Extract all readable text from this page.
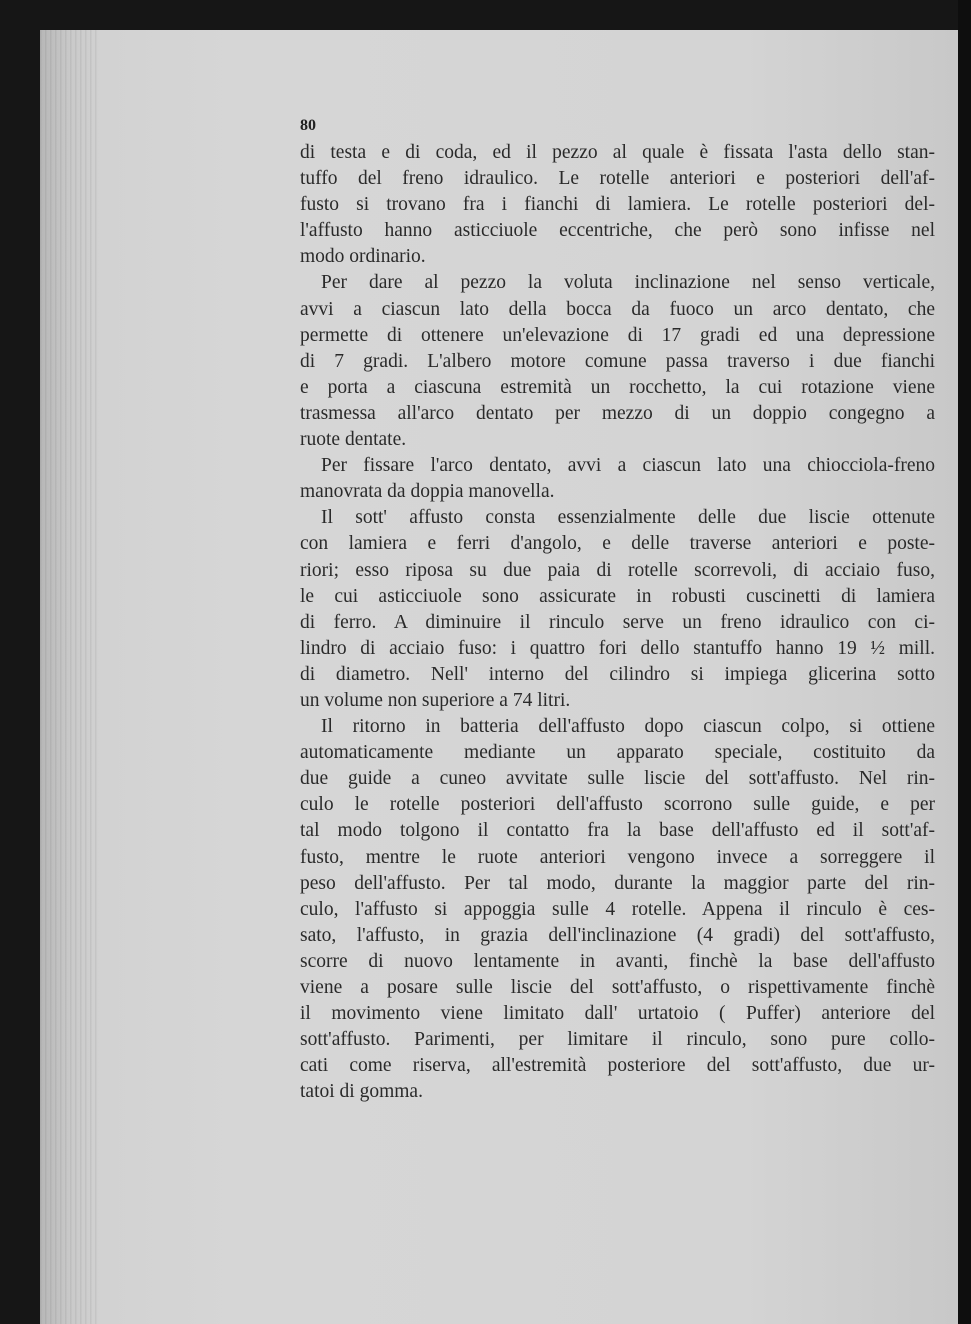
80
di testa e di coda, ed il pezzo al quale è fissata l'asta dello stan-
tuffo del freno idraulico. Le rotelle anteriori e posteriori dell'af-
fusto si trovano fra i fianchi di lamiera. Le rotelle posteriori del-
l'affusto hanno asticciuole eccentriche, che però sono infisse nel
modo ordinario.
Per dare al pezzo la voluta inclinazione nel senso verticale,
avvi a ciascun lato della bocca da fuoco un arco dentato, che
permette di ottenere un'elevazione di 17 gradi ed una depressione
di 7 gradi. L'albero motore comune passa traverso i due fianchi
e porta a ciascuna estremità un rocchetto, la cui rotazione viene
trasmessa all'arco dentato per mezzo di un doppio congegno a
ruote dentate.
Per fissare l'arco dentato, avvi a ciascun lato una chiocciola-freno
manovrata da doppia manovella.
Il sott' affusto consta essenzialmente delle due liscie ottenute
con lamiera e ferri d'angolo, e delle traverse anteriori e poste-
riori; esso riposa su due paia di rotelle scorrevoli, di acciaio fuso,
le cui asticciuole sono assicurate in robusti cuscinetti di lamiera
di ferro. A diminuire il rinculo serve un freno idraulico con ci-
lindro di acciaio fuso: i quattro fori dello stantuffo hanno 19 ½ mill.
di diametro. Nell' interno del cilindro si impiega glicerina sotto
un volume non superiore a 74 litri.
Il ritorno in batteria dell'affusto dopo ciascun colpo, si ottiene
automaticamente mediante un apparato speciale, costituito da
due guide a cuneo avvitate sulle liscie del sott'affusto. Nel rin-
culo le rotelle posteriori dell'affusto scorrono sulle guide, e per
tal modo tolgono il contatto fra la base dell'affusto ed il sott'af-
fusto, mentre le ruote anteriori vengono invece a sorreggere il
peso dell'affusto. Per tal modo, durante la maggior parte del rin-
culo, l'affusto si appoggia sulle 4 rotelle. Appena il rinculo è ces-
sato, l'affusto, in grazia dell'inclinazione (4 gradi) del sott'affusto,
scorre di nuovo lentamente in avanti, finchè la base dell'affusto
viene a posare sulle liscie del sott'affusto, o rispettivamente finchè
il movimento viene limitato dall' urtatoio ( Puffer) anteriore del
sott'affusto. Parimenti, per limitare il rinculo, sono pure collo-
cati come riserva, all'estremità posteriore del sott'affusto, due ur-
tatoi di gomma.
